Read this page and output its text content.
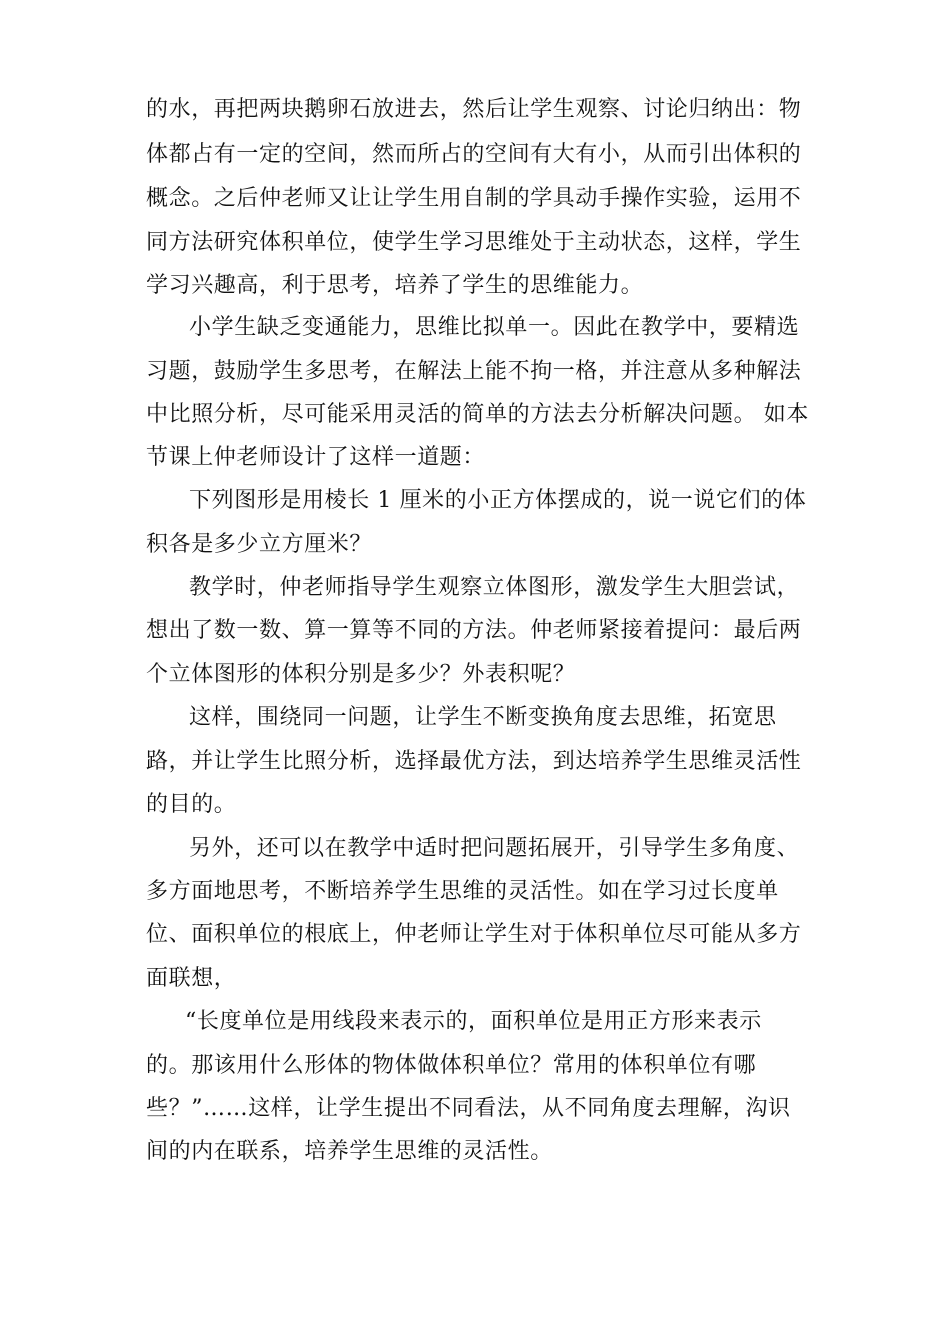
的水，再把两块鹅卵石放进去，然后让学生观察、讨论归纳出：物

体都占有一定的空间，然而所占的空间有大有小，从而引出体积的

概念。之后仲老师又让让学生用自制的学具动手操作实验，运用不

同方法研究体积单位，使学生学习思维处于主动状态，这样，学生

学习兴趣高，利于思考，培养了学生的思维能力。

小学生缺乏变通能力，思维比拟单一。因此在教学中，要精选

习题，鼓励学生多思考，在解法上能不拘一格，并注意从多种解法

中比照分析，尽可能采用灵活的简单的方法去分析解决问题。 如本

节课上仲老师设计了这样一道题：

下列图形是用棱长 1 厘米的小正方体摆成的，说一说它们的体

积各是多少立方厘米？

教学时，仲老师指导学生观察立体图形，激发学生大胆尝试，

想出了数一数、算一算等不同的方法。仲老师紧接着提问：最后两

个立体图形的体积分别是多少？外表积呢？

这样，围绕同一问题，让学生不断变换角度去思维，拓宽思

路，并让学生比照分析，选择最优方法，到达培养学生思维灵活性

的目的。

另外，还可以在教学中适时把问题拓展开，引导学生多角度、

多方面地思考，不断培养学生思维的灵活性。如在学习过长度单

位、面积单位的根底上，仲老师让学生对于体积单位尽可能从多方

面联想，

“长度单位是用线段来表示的，面积单位是用正方形来表示

的。那该用什么形体的物体做体积单位？常用的体积单位有哪

些？”……这样，让学生提出不同看法，从不同角度去理解，沟识

间的内在联系，培养学生思维的灵活性。
